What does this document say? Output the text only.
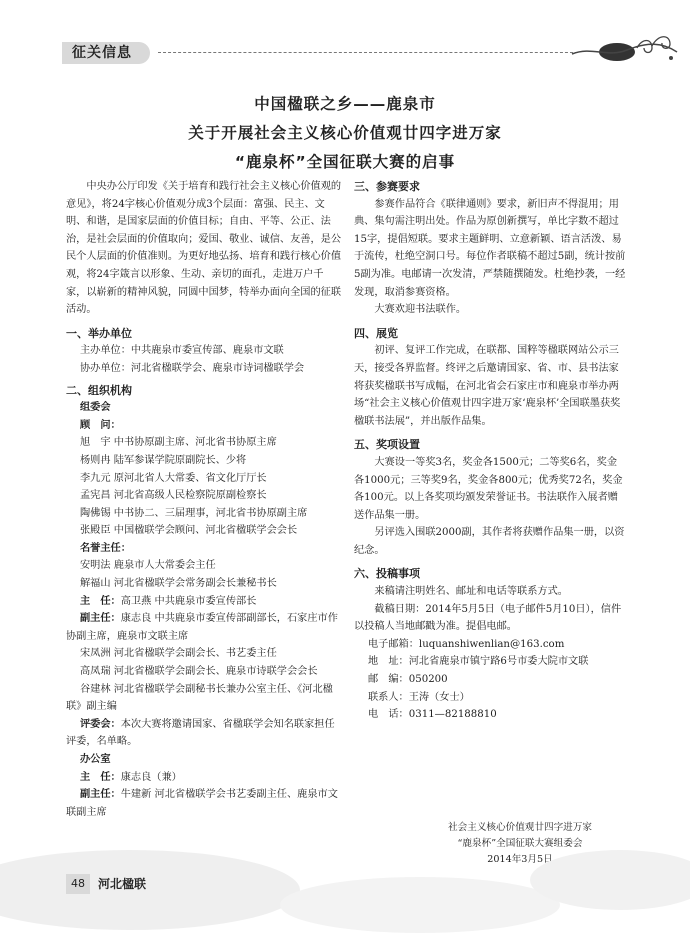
征关信息
中国楹联之乡——鹿泉市
关于开展社会主义核心价值观廿四字进万家
“鹿泉杯”全国征联大赛的启事

中央办公厅印发《关于培育和践行社会主义核心价值观的意见》，将24字核心价值观分成3个层面：富强、民主、文明、和谐，是国家层面的价值目标；自由、平等、公正、法治，是社会层面的价值取向；爱国、敬业、诚信、友善，是公民个人层面的价值准则。为更好地弘扬、培育和践行核心价值观，将24字箴言以形象、生动、亲切的面孔，走进万户千家，以崭新的精神风貌，同圆中国梦，特举办面向全国的征联活动。

一、举办单位

主办单位：中共鹿泉市委宣传部、鹿泉市文联

协办单位：河北省楹联学会、鹿泉市诗词楹联学会

二、组织机构

组委会

顾　问：

旭　宇 中书协原副主席、河北省书协原主席

杨则冉 陆军参谋学院原副院长、少将

李九元 原河北省人大常委、省文化厅厅长

孟宪昌 河北省高级人民检察院原副检察长

陶佛锡 中书协二、三届理事，河北省书协原副主席

张殿臣 中国楹联学会顾问、河北省楹联学会会长

名誉主任：

安明法 鹿泉市人大常委会主任

解福山 河北省楹联学会常务副会长兼秘书长

主　任：高卫燕 中共鹿泉市委宣传部长

副主任：康志良 中共鹿泉市委宣传部副部长，石家庄市作协副主席，鹿泉市文联主席

宋凤洲 河北省楹联学会副会长、书艺委主任

高凤瑞 河北省楹联学会副会长、鹿泉市诗联学会会长

谷建林 河北省楹联学会副秘书长兼办公室主任、《河北楹联》副主编

评委会：本次大赛将邀请国家、省楹联学会知名联家担任评委，名单略。

办公室

主　任：康志良（兼）

副主任：牛建新 河北省楹联学会书艺委副主任、鹿泉市文联副主席

三、参赛要求

参赛作品符合《联律通则》要求，新旧声不得混用；用典、集句需注明出处。作品为原创新撰写，单比字数不超过15字，提倡短联。要求主题鲜明、立意新颖、语言活泼、易于流传，杜绝空洞口号。每位作者联稿不超过5副，统计按前5副为准。电邮请一次发清，严禁随撰随发。杜绝抄袭，一经发现，取消参赛资格。

大赛欢迎书法联作。

四、展览

初评、复评工作完成，在联都、国粹等楹联网站公示三天，接受各界监督。终评之后邀请国家、省、市、县书法家将获奖楹联书写成幅，在河北省会石家庄市和鹿泉市举办两场“社会主义核心价值观廿四字进万家‘鹿泉杯’全国联墨获奖楹联书法展”，并出版作品集。

五、奖项设置

大赛设一等奖3名，奖金各1500元；二等奖6名，奖金各1000元；三等奖9名，奖金各800元；优秀奖72名，奖金各100元。以上各奖项均颁发荣誉证书。书法联作入展者赠送作品集一册。

另评选入围联2000副，其作者将获赠作品集一册，以资纪念。

六、投稿事项

来稿请注明姓名、邮址和电话等联系方式。

截稿日期：2014年5月5日（电子邮件5月10日），信件以投稿人当地邮戳为准。提倡电邮。

电子邮箱：luquanshiwenlian@163.com

地　址：河北省鹿泉市镇宁路6号市委大院市文联

邮　编：050200

联系人：王涛（女士）

电　话：0311—82188810

社会主义核心价值观廿四字进万家
“鹿泉杯”全国征联大赛组委会
2014年3月5日
48	河北楹联
